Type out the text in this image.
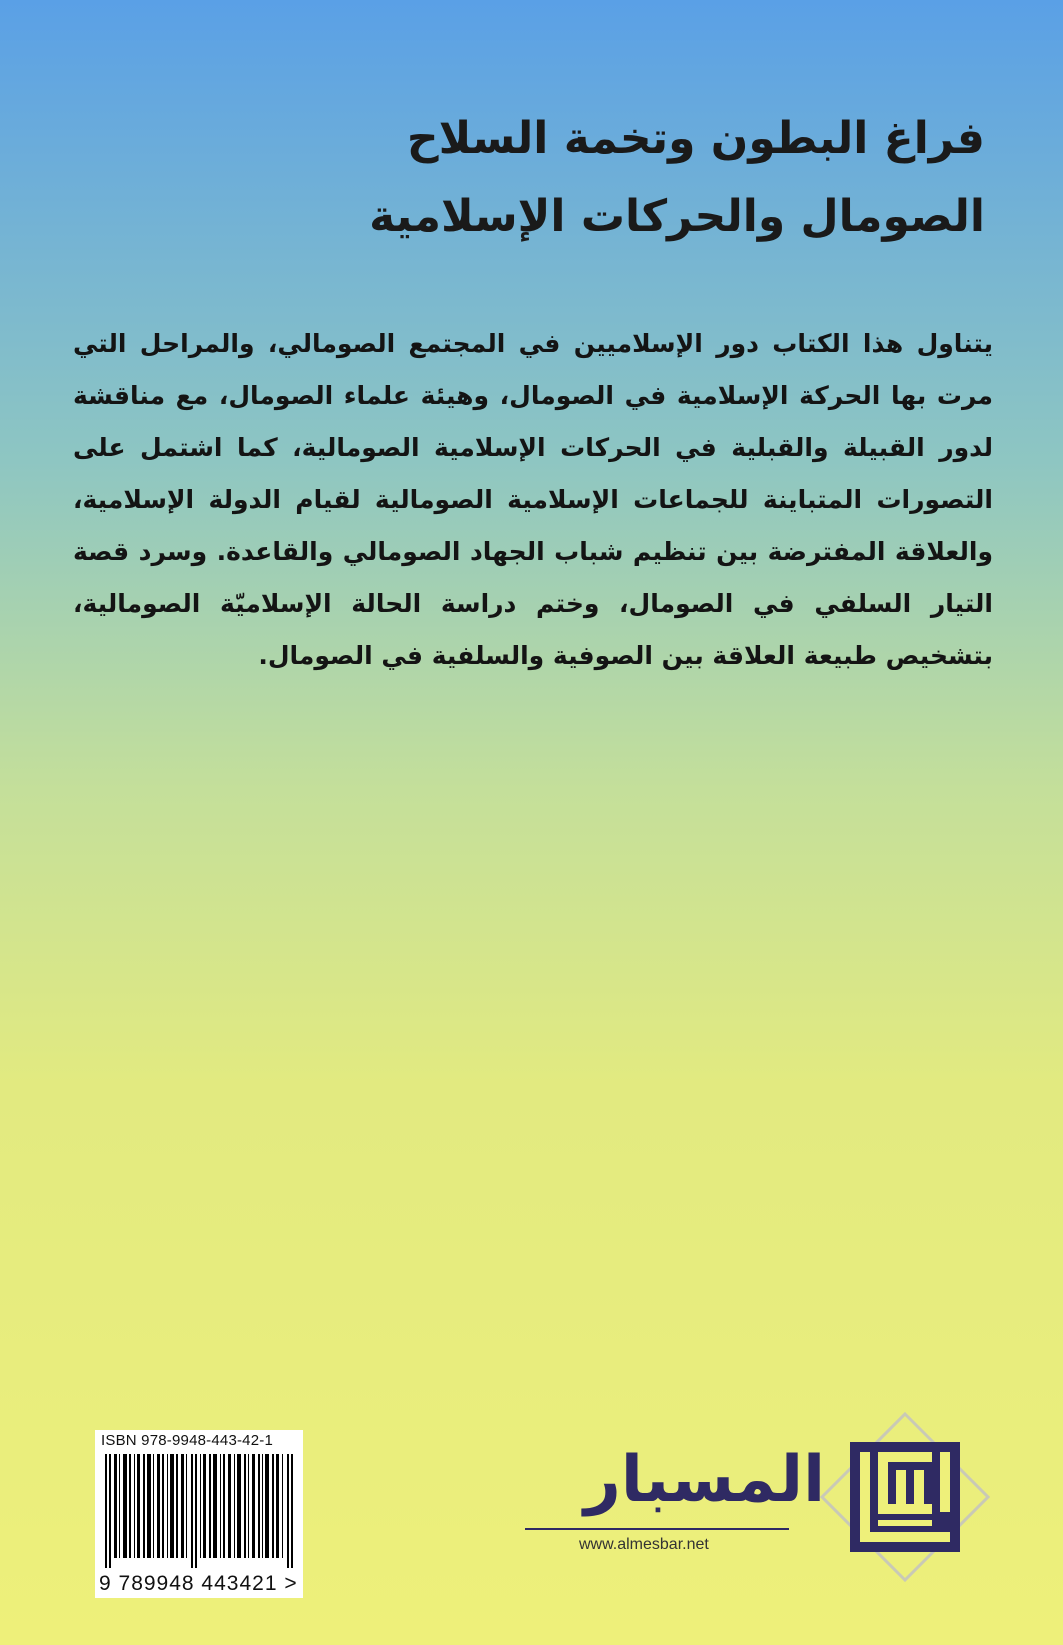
فراغ البطون وتخمة السلاح

الصومال والحركات الإسلامية

يتناول هذا الكتاب دور الإسلاميين في المجتمع الصومالي، والمراحل التي مرت بها الحركة الإسلامية في الصومال، وهيئة علماء الصومال، مع مناقشة لدور القبيلة والقبلية في الحركات الإسلامية الصومالية، كما اشتمل على التصورات المتباينة للجماعات الإسلامية الصومالية لقيام الدولة الإسلامية، والعلاقة المفترضة بين تنظيم شباب الجهاد الصومالي والقاعدة. وسرد قصة التيار السلفي في الصومال، وختم دراسة الحالة الإسلاميّة الصومالية، بتشخيص طبيعة العلاقة بين الصوفية والسلفية في الصومال.

ISBN 978-9948-443-42-1
9 789948 443421 >
المسبار
www.almesbar.net
